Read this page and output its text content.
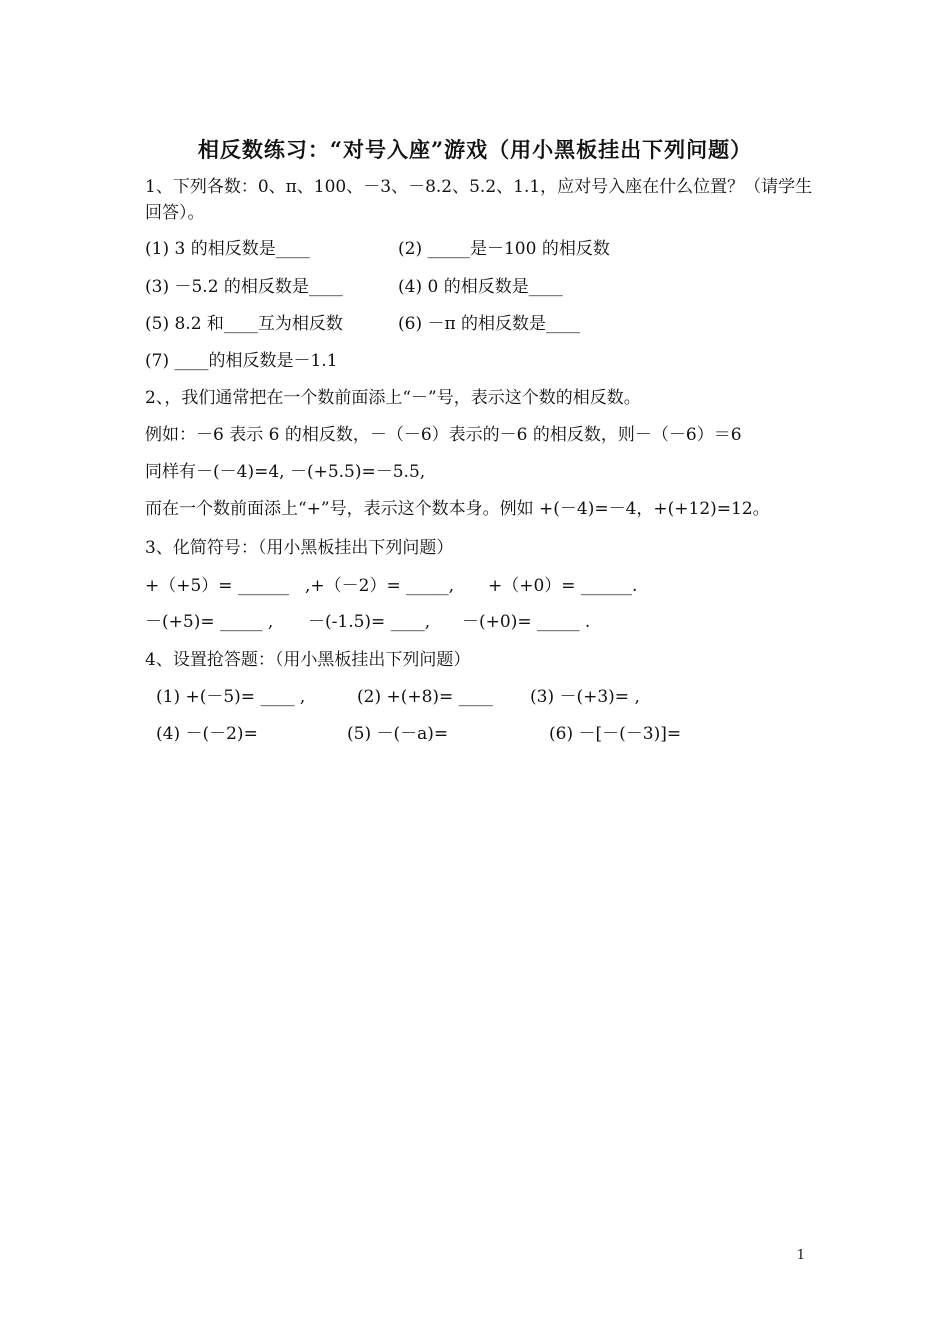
相反数练习：“对号入座”游戏（用小黑板挂出下列问题）
1、下列各数：0、π、100、－3、－8.2、5.2、1.1，应对号入座在什么位置？（请学生
回答）。
(1) 3 的相反数是____	(2) _____是－100 的相反数
(3) －5.2 的相反数是____	(4) 0 的相反数是____
(5) 8.2 和____互为相反数	(6) －π 的相反数是____
(7) ____的相反数是－1.1
2、，我们通常把在一个数前面添上“－”号，表示这个数的相反数。
例如：－6 表示 6 的相反数，－（－6）表示的－6 的相反数，则－（－6）＝6
同样有－(－4)=4, －(+5.5)=－5.5,
而在一个数前面添上“+”号，表示这个数本身。例如 +(－4)=－4，+(+12)=12。
3、化简符号：（用小黑板挂出下列问题）
+（+5）= ______ ,+（－2）= _____, +（+0）= ______.
－(+5)= _____ , －(-1.5)= ____, －(+0)= _____ .
4、设置抢答题：（用小黑板挂出下列问题）
(1) +(－5)= ____ ,	(2) +(+8)= ____ (3) －(+3)= ,
(4) －(－2)=	(5) －(－a)=	(6) －[－(－3)]=
1
